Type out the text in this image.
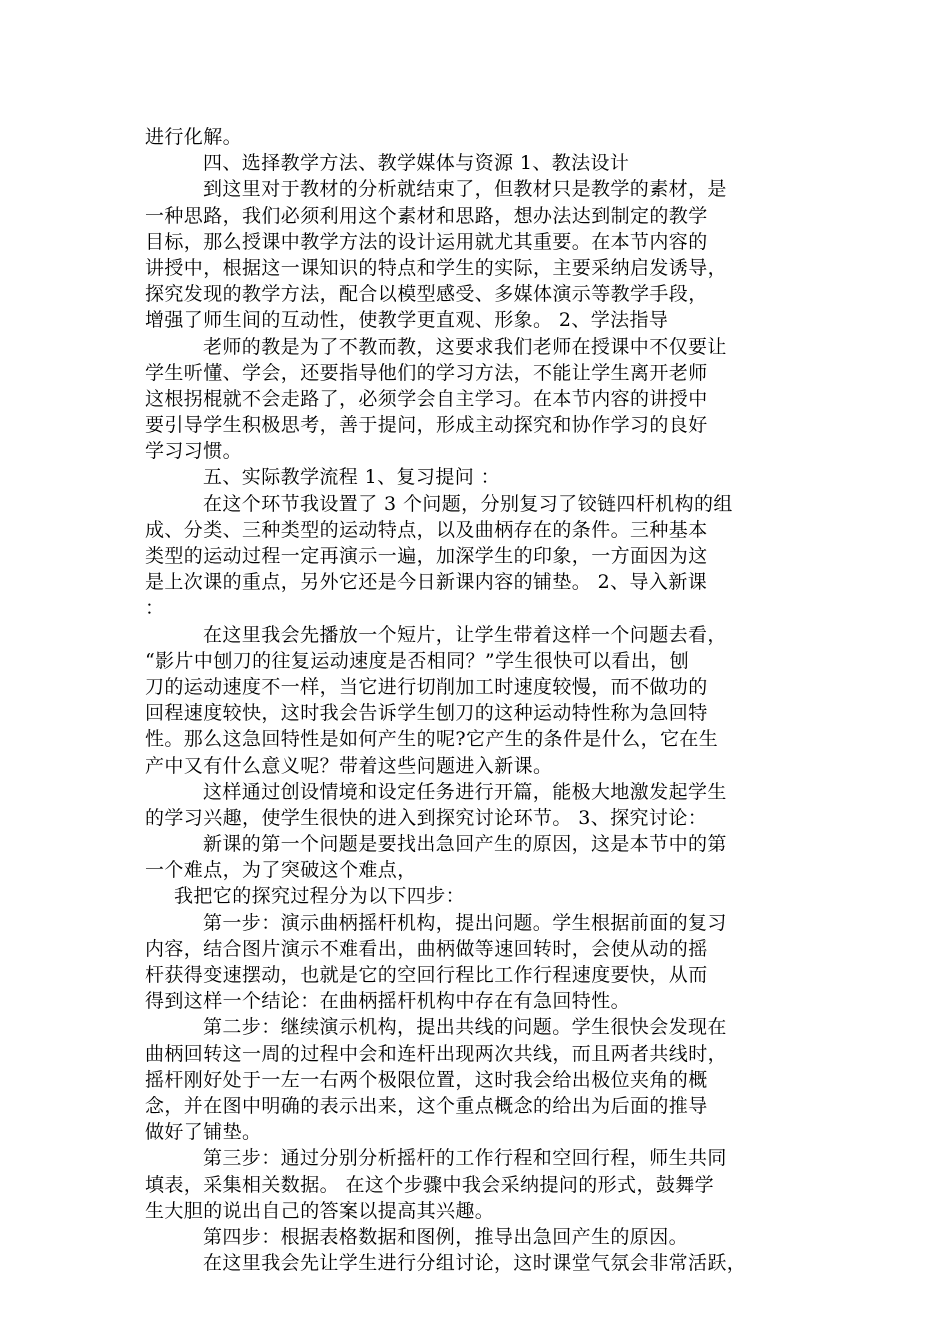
进行化解。
四、选择教学方法、教学媒体与资源 1、教法设计
到这里对于教材的分析就结束了，但教材只是教学的素材，是
一种思路，我们必须利用这个素材和思路，想办法达到制定的教学
目标，那么授课中教学方法的设计运用就尤其重要。在本节内容的
讲授中，根据这一课知识的特点和学生的实际，主要采纳启发诱导，
探究发现的教学方法，配合以模型感受、多媒体演示等教学手段，
增强了师生间的互动性，使教学更直观、形象。 2、学法指导
老师的教是为了不教而教，这要求我们老师在授课中不仅要让
学生听懂、学会，还要指导他们的学习方法，不能让学生离开老师
这根拐棍就不会走路了，必须学会自主学习。在本节内容的讲授中
要引导学生积极思考，善于提问，形成主动探究和协作学习的良好
学习习惯。
五、实际教学流程 1、复习提问 ：
在这个环节我设置了 3 个问题，分别复习了铰链四杆机构的组
成、分类、三种类型的运动特点，以及曲柄存在的条件。三种基本
类型的运动过程一定再演示一遍，加深学生的印象，一方面因为这
是上次课的重点，另外它还是今日新课内容的铺垫。 2、导入新课
：
在这里我会先播放一个短片，让学生带着这样一个问题去看，
“影片中刨刀的往复运动速度是否相同？”学生很快可以看出，刨
刀的运动速度不一样，当它进行切削加工时速度较慢，而不做功的
回程速度较快，这时我会告诉学生刨刀的这种运动特性称为急回特
性。那么这急回特性是如何产生的呢?它产生的条件是什么，它在生
产中又有什么意义呢？带着这些问题进入新课。
这样通过创设情境和设定任务进行开篇，能极大地激发起学生
的学习兴趣，使学生很快的进入到探究讨论环节。 3、探究讨论：
新课的第一个问题是要找出急回产生的原因，这是本节中的第
一个难点，为了突破这个难点，
我把它的探究过程分为以下四步：
第一步：演示曲柄摇杆机构，提出问题。学生根据前面的复习
内容，结合图片演示不难看出，曲柄做等速回转时，会使从动的摇
杆获得变速摆动，也就是它的空回行程比工作行程速度要快，从而
得到这样一个结论：在曲柄摇杆机构中存在有急回特性。
第二步：继续演示机构，提出共线的问题。学生很快会发现在
曲柄回转这一周的过程中会和连杆出现两次共线，而且两者共线时，
摇杆刚好处于一左一右两个极限位置，这时我会给出极位夹角的概
念，并在图中明确的表示出来，这个重点概念的给出为后面的推导
做好了铺垫。
第三步：通过分别分析摇杆的工作行程和空回行程，师生共同
填表，采集相关数据。 在这个步骤中我会采纳提问的形式，鼓舞学
生大胆的说出自己的答案以提高其兴趣。
第四步：根据表格数据和图例，推导出急回产生的原因。
在这里我会先让学生进行分组讨论，这时课堂气氛会非常活跃，
